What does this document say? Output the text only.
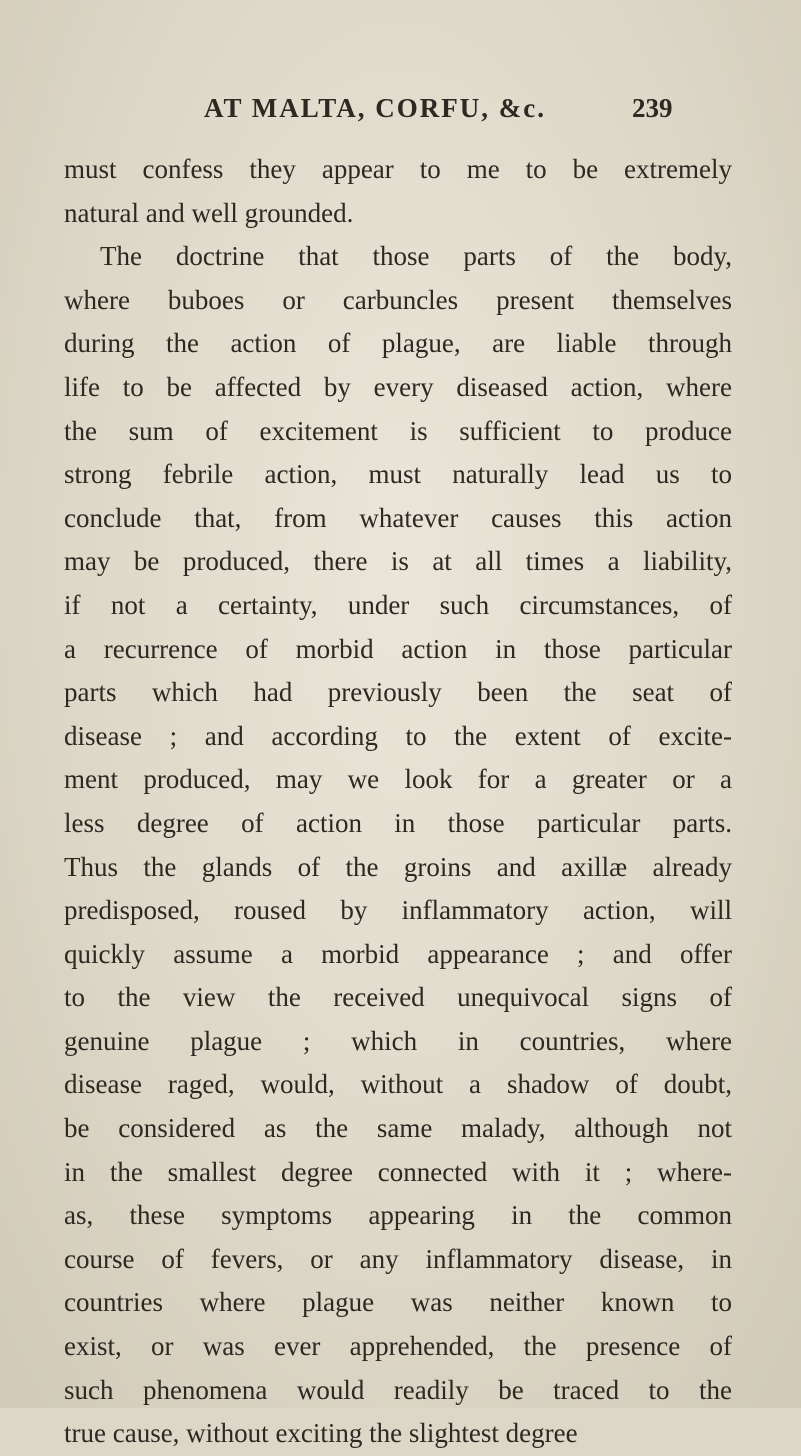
AT MALTA, CORFU, &c.	239
must confess they appear to me to be extremely
natural and well grounded.
The doctrine that those parts of the body,
where buboes or carbuncles present themselves
during the action of plague, are liable through
life to be affected by every diseased action, where
the sum of excitement is sufficient to produce
strong febrile action, must naturally lead us to
conclude that, from whatever causes this action
may be produced, there is at all times a liability,
if not a certainty, under such circumstances, of
a recurrence of morbid action in those particular
parts which had previously been the seat of
disease ; and according to the extent of excite-
ment produced, may we look for a greater or a
less degree of action in those particular parts.
Thus the glands of the groins and axillæ already
predisposed, roused by inflammatory action, will
quickly assume a morbid appearance ; and offer
to the view the received unequivocal signs of
genuine plague ; which in countries, where
disease raged, would, without a shadow of doubt,
be considered as the same malady, although not
in the smallest degree connected with it ; where-
as, these symptoms appearing in the common
course of fevers, or any inflammatory disease, in
countries where plague was neither known to
exist, or was ever apprehended, the presence of
such phenomena would readily be traced to the
true cause, without exciting the slightest degree
